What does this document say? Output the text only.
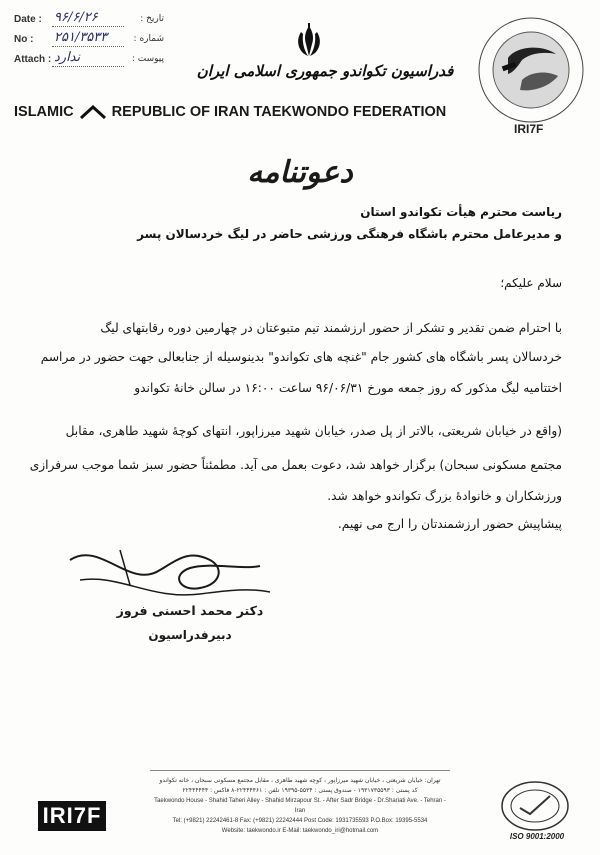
Date : ۹۶/۶/۲۶	تاریخ :
No : ۲۵۱/۳۵۳۳	شماره :
Attach : ندارد	پیوست :
فدراسیون تکواندو جمهوری اسلامی ایران
ISLAMIC	REPUBLIC OF IRAN TAEKWONDO FEDERATION
IRI7F
دعوتنامه
ریاست محترم هیأت تکواندو استان
و مدیرعامل محترم باشگاه فرهنگی ورزشی حاضر در لیگ خردسالان پسر
سلام علیکم؛
با احترام ضمن تقدیر و تشکر از حضور ارزشمند تیم متبوعتان در چهارمین دوره رقابتهای لیگ
خردسالان پسر باشگاه های کشور جام "غنچه های تکواندو" بدینوسیله از جنابعالی جهت حضور در مراسم
اختتامیه لیگ مذکور که روز جمعه مورخ ۹۶/۰۶/۳۱ ساعت ۱۶:۰۰ در سالن خانهٔ تکواندو
(واقع در خیابان شریعتی، بالاتر از پل صدر، خیابان شهید میرزاپور، انتهای کوچهٔ شهید طاهری، مقابل
مجتمع مسکونی سبحان) برگزار خواهد شد، دعوت بعمل می آید. مطمئناً حضور سبز شما موجب سرفرازی
ورزشکاران و خانوادهٔ بزرگ تکواندو خواهد شد.
پیشاپیش حضور ارزشمندتان را ارج می نهیم.
دکتر محمد احسنی فروز
دبیرفدراسیون
IRI7F
تهران: خیابان شریعتی ، خیابان شهید میرزاپور ، کوچه شهید طاهری ، مقابل مجتمع مسکونی سبحان ، خانه تکواندو
کد پستی : ۱۹۳۱۷۳۵۵۹۳ - صندوق پستی : ۵۵۳۴-۱۹۳۹۵ تلفن : ۲۲۴۴۴۴۶۱-۸ فاکس : ۲۲۴۴۴۴۴۴
Taekwondo House - Shahid Taheri Alley - Shahid Mirzapour St. - After Sadr Bridge - Dr.Shariati Ave. - Tehran - Iran
Tel: (+9821) 22242461-8 Fax: (+9821) 22242444 Post Code: 1931735593 P.O.Box: 19395-5534
Website: taekwondo.ir E-Mail: taekwondo_iri@hotmail.com
ISO 9001:2000
